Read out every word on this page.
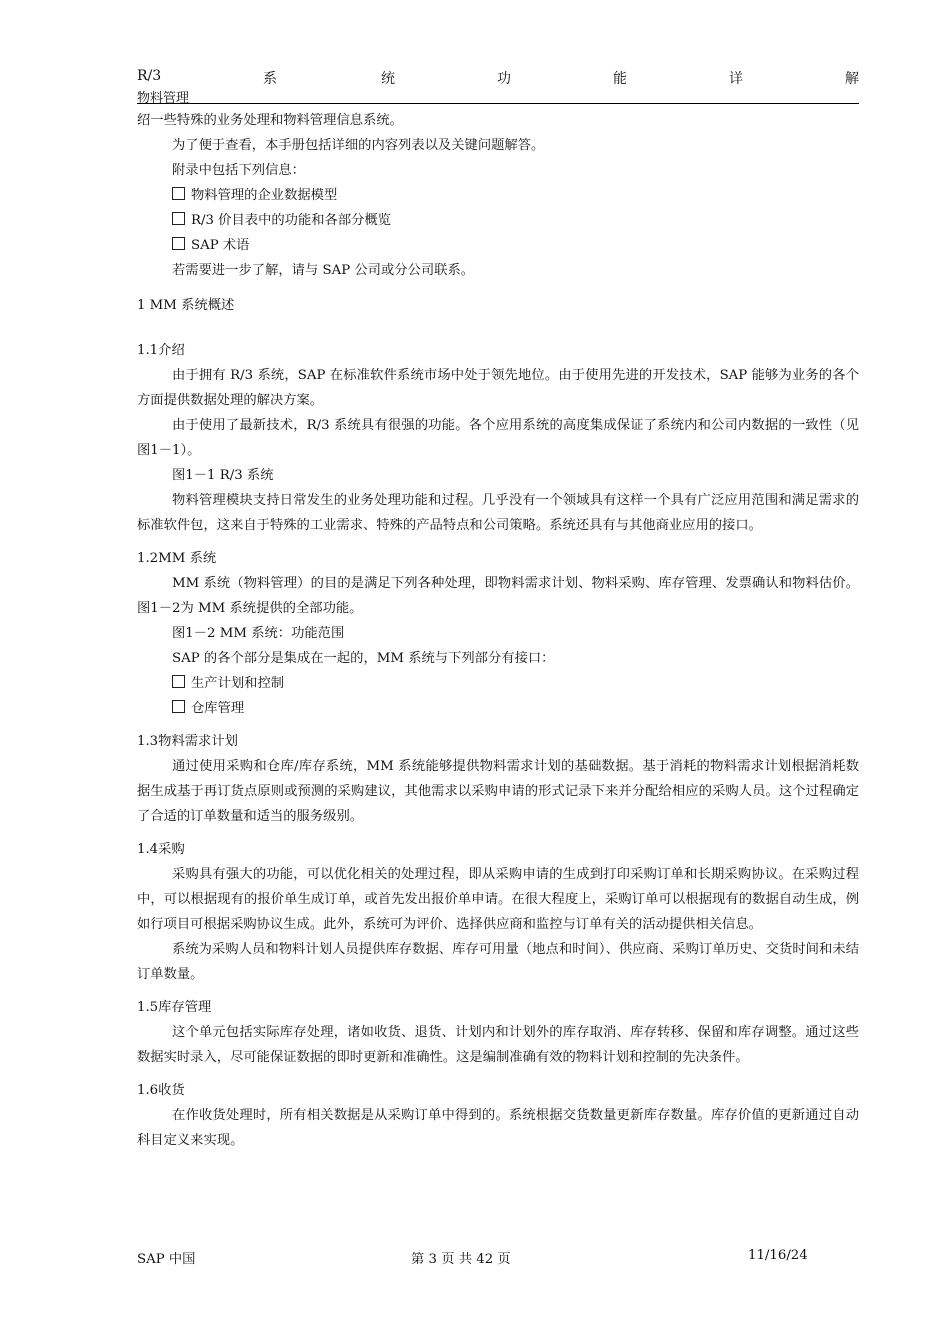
R/3	系	统	功	能	详	解
物料管理

绍一些特殊的业务处理和物料管理信息系统。

为了便于查看，本手册包括详细的内容列表以及关键问题解答。

附录中包括下列信息：

物料管理的企业数据模型

R/3 价目表中的功能和各部分概览

SAP 术语

若需要进一步了解，请与 SAP 公司或分公司联系。

1 MM 系统概述

1.1介绍

由于拥有 R/3 系统，SAP 在标准软件系统市场中处于领先地位。由于使用先进的开发技术，SAP 能够为业务的各个方面提供数据处理的解决方案。

由于使用了最新技术，R/3 系统具有很强的功能。各个应用系统的高度集成保证了系统内和公司内数据的一致性（见图1－1）。

图1－1 R/3 系统

物料管理模块支持日常发生的业务处理功能和过程。几乎没有一个领域具有这样一个具有广泛应用范围和满足需求的标准软件包，这来自于特殊的工业需求、特殊的产品特点和公司策略。系统还具有与其他商业应用的接口。

1.2MM 系统

MM 系统（物料管理）的目的是满足下列各种处理，即物料需求计划、物料采购、库存管理、发票确认和物料估价。图1－2为 MM 系统提供的全部功能。

图1－2 MM 系统：功能范围

SAP 的各个部分是集成在一起的，MM 系统与下列部分有接口：

生产计划和控制

仓库管理

1.3物料需求计划

通过使用采购和仓库/库存系统，MM 系统能够提供物料需求计划的基础数据。基于消耗的物料需求计划根据消耗数据生成基于再订货点原则或预测的采购建议，其他需求以采购申请的形式记录下来并分配给相应的采购人员。这个过程确定了合适的订单数量和适当的服务级别。

1.4采购

采购具有强大的功能，可以优化相关的处理过程，即从采购申请的生成到打印采购订单和长期采购协议。在采购过程中，可以根据现有的报价单生成订单，或首先发出报价单申请。在很大程度上，采购订单可以根据现有的数据自动生成，例如行项目可根据采购协议生成。此外，系统可为评价、选择供应商和监控与订单有关的活动提供相关信息。

系统为采购人员和物料计划人员提供库存数据、库存可用量（地点和时间）、供应商、采购订单历史、交货时间和未结订单数量。

1.5库存管理

这个单元包括实际库存处理，诸如收货、退货、计划内和计划外的库存取消、库存转移、保留和库存调整。通过这些数据实时录入，尽可能保证数据的即时更新和准确性。这是编制准确有效的物料计划和控制的先决条件。

1.6收货

在作收货处理时，所有相关数据是从采购订单中得到的。系统根据交货数量更新库存数量。库存价值的更新通过自动科目定义来实现。

SAP 中国	第 3 页 共 42 页	11/16/24
